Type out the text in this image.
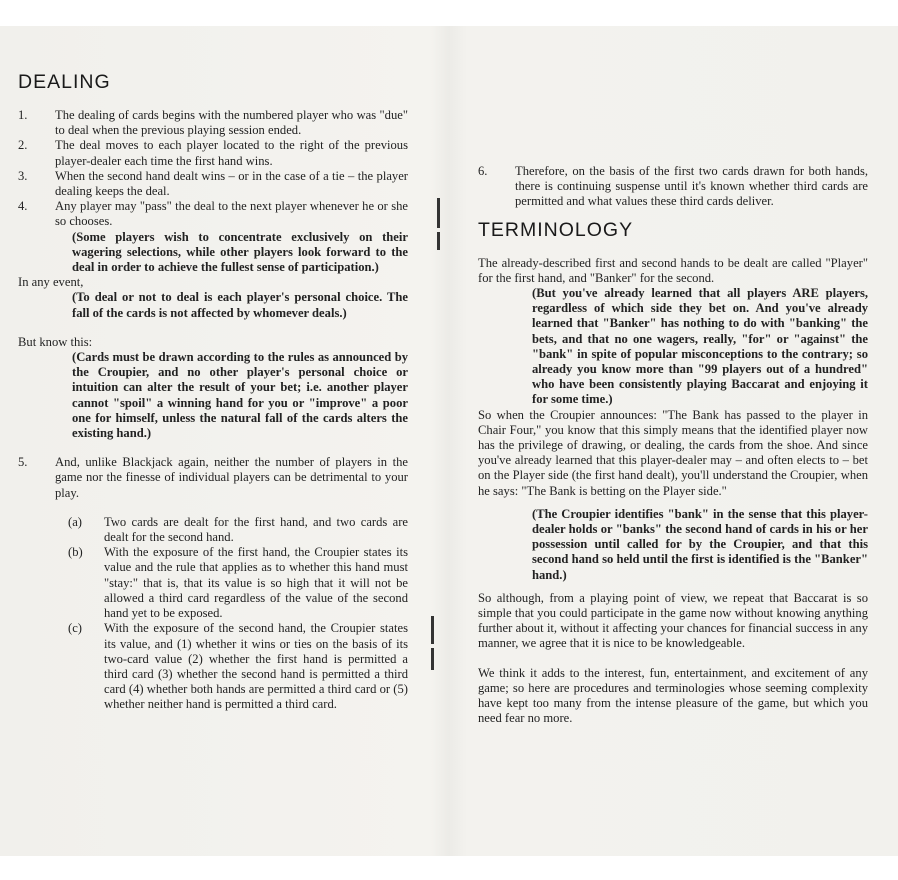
DEALING
1.	The dealing of cards begins with the numbered player who was "due" to deal when the previous playing session ended.
2.	The deal moves to each player located to the right of the previous player-dealer each time the first hand wins.
3.	When the second hand dealt wins – or in the case of a tie – the player dealing keeps the deal.
4.	Any player may "pass" the deal to the next player whenever he or she so chooses.
(Some players wish to concentrate exclusively on their wagering selections, while other players look forward to the deal in order to achieve the fullest sense of participation.)
In any event,
(To deal or not to deal is each player's personal choice. The fall of the cards is not affected by whomever deals.)
But know this:
(Cards must be drawn according to the rules as announced by the Croupier, and no other player's personal choice or intuition can alter the result of your bet; i.e. another player cannot "spoil" a winning hand for you or "improve" a poor one for himself, unless the natural fall of the cards alters the existing hand.)
5.	And, unlike Blackjack again, neither the number of players in the game nor the finesse of individual players can be detrimental to your play.
(a)	Two cards are dealt for the first hand, and two cards are dealt for the second hand.
(b)	With the exposure of the first hand, the Croupier states its value and the rule that applies as to whether this hand must "stay:" that is, that its value is so high that it will not be allowed a third card regardless of the value of the second hand yet to be exposed.
(c)	With the exposure of the second hand, the Croupier states its value, and (1) whether it wins or ties on the basis of its two-card value (2) whether the first hand is permitted a third card (3) whether the second hand is permitted a third card (4) whether both hands are permitted a third card or (5) whether neither hand is permitted a third card.
6.	Therefore, on the basis of the first two cards drawn for both hands, there is continuing suspense until it's known whether third cards are permitted and what values these third cards deliver.
TERMINOLOGY
The already-described first and second hands to be dealt are called "Player" for the first hand, and "Banker" for the second.
(But you've already learned that all players ARE players, regardless of which side they bet on. And you've already learned that "Banker" has nothing to do with "banking" the bets, and that no one wagers, really, "for" or "against" the "bank" in spite of popular misconceptions to the contrary; so already you know more than "99 players out of a hundred" who have been consistently playing Baccarat and enjoying it for some time.)
So when the Croupier announces: "The Bank has passed to the player in Chair Four," you know that this simply means that the identified player now has the privilege of drawing, or dealing, the cards from the shoe. And since you've already learned that this player-dealer may – and often elects to – bet on the Player side (the first hand dealt), you'll understand the Croupier, when he says: "The Bank is betting on the Player side."
(The Croupier identifies "bank" in the sense that this player-dealer holds or "banks" the second hand of cards in his or her possession until called for by the Croupier, and that this second hand so held until the first is identified is the "Banker" hand.)
So although, from a playing point of view, we repeat that Baccarat is so simple that you could participate in the game now without knowing anything further about it, without it affecting your chances for financial success in any manner, we agree that it is nice to be knowledgeable.
We think it adds to the interest, fun, entertainment, and excitement of any game; so here are procedures and terminologies whose seeming complexity have kept too many from the intense pleasure of the game, but which you need fear no more.
